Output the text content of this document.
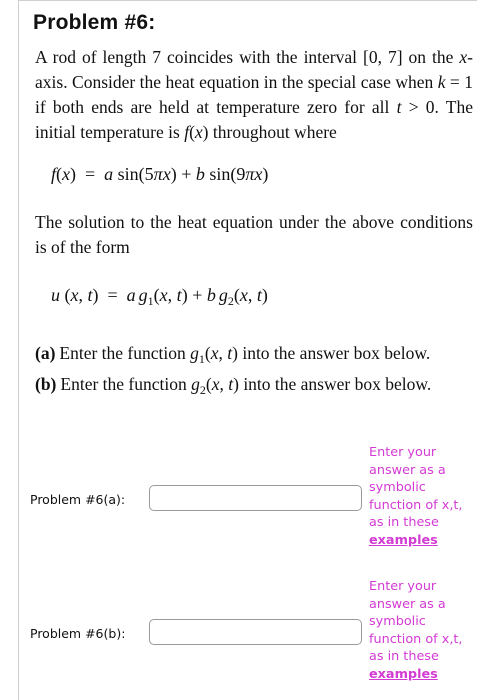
Problem #6:
A rod of length 7 coincides with the interval [0, 7] on the x-axis. Consider the heat equation in the special case when k = 1 if both ends are held at temperature zero for all t > 0. The initial temperature is f(x) throughout where
f(x) = a sin(5πx) + b sin(9πx)
The solution to the heat equation under the above conditions is of the form
u (x, t) = a $g_1(x$, t) + b $g_2(x$, t)
(a) Enter the function $g_1(x$, t) into the answer box below.
(b) Enter the function $g_2(x$, t) into the answer box below.
Problem #6(a):
Enter your
answer as a
symbolic
function of x,t,
as in these
examples
Problem #6(b):
Enter your
answer as a
symbolic
function of x,t,
as in these
examples
